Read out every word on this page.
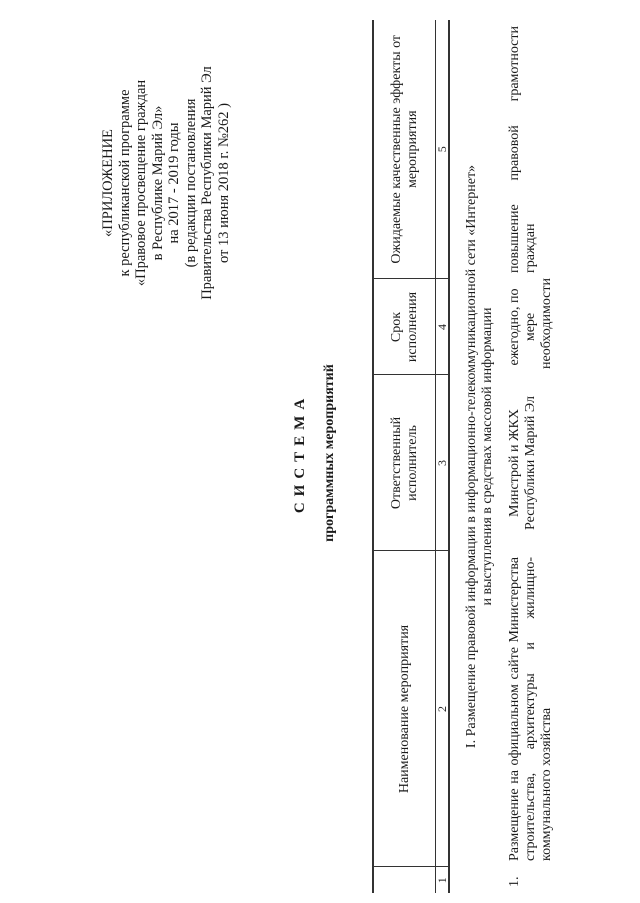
«ПРИЛОЖЕНИЕ к республиканской программе «Правовое просвещение граждан в Республике Марий Эл» на 2017 - 2019 годы (в редакции постановления Правительства Республики Марий Эл от 13 июня 2018 г. №262 )
СИСТЕМА программных мероприятий
	Наименование мероприятия	Ответственный исполнитель	Срок исполнения	Ожидаемые качественные эффекты от мероприятия
1	2	3	4	5

I. Размещение правовой информации в информационно-телекоммуникационной сети «Интернет» и выступления в средствах массовой информации				

1.	Размещение на официальном сайте Министерства строительства, архитектуры и жилищно-коммунального хозяйства	Минстрой и ЖКХ Республики Марий Эл	ежегодно, по мере необходимости	повышение правовой грамотности граждан
